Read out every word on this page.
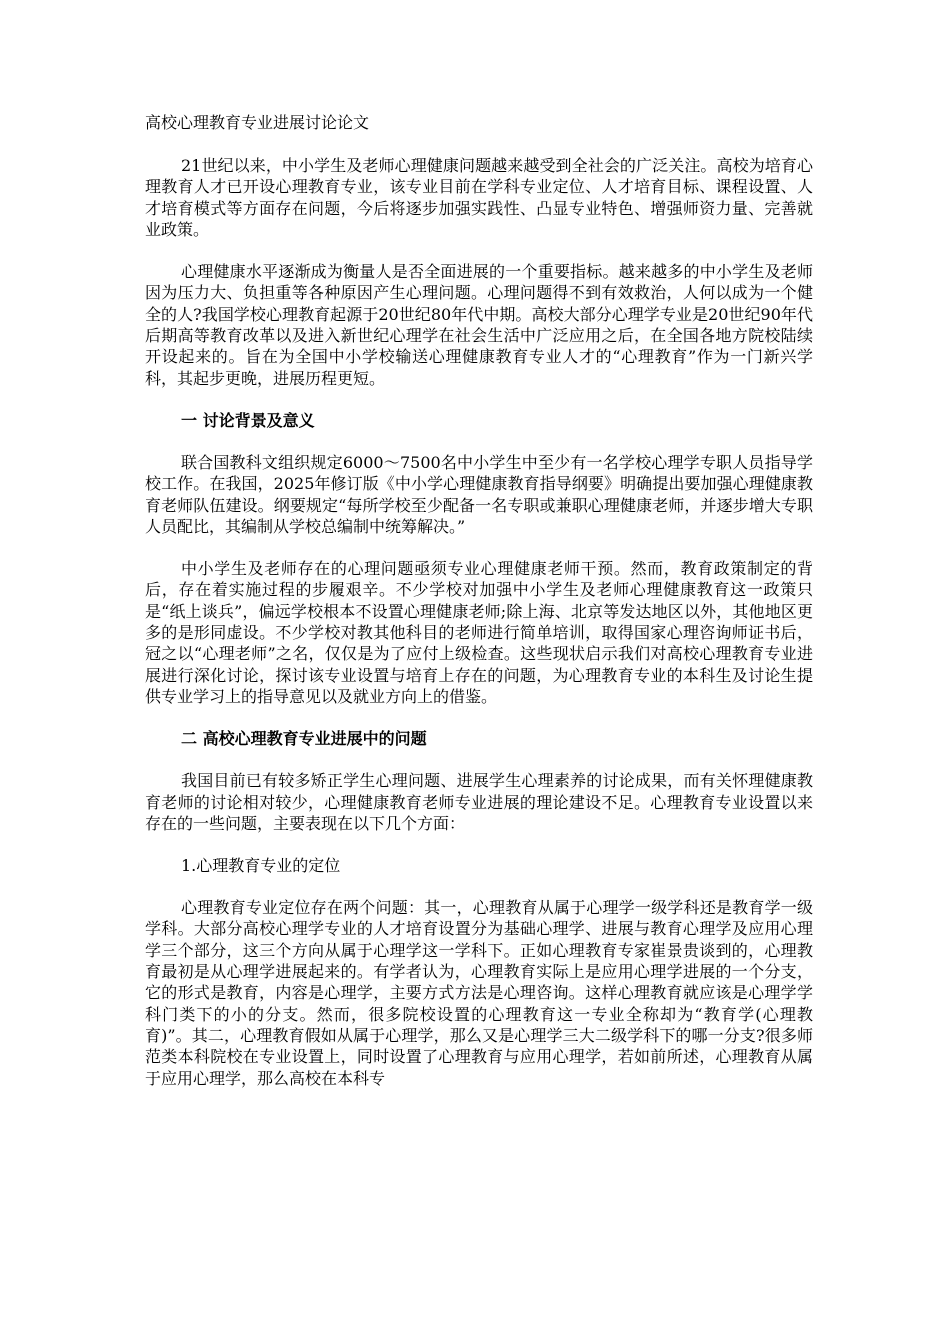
高校心理教育专业进展讨论论文

21世纪以来，中小学生及老师心理健康问题越来越受到全社会的广泛关注。高校为培育心理教育人才已开设心理教育专业，该专业目前在学科专业定位、人才培育目标、课程设置、人才培育模式等方面存在问题，今后将逐步加强实践性、凸显专业特色、增强师资力量、完善就业政策。

心理健康水平逐渐成为衡量人是否全面进展的一个重要指标。越来越多的中小学生及老师因为压力大、负担重等各种原因产生心理问题。心理问题得不到有效救治，人何以成为一个健全的人?我国学校心理教育起源于20世纪80年代中期。高校大部分心理学专业是20世纪90年代后期高等教育改革以及进入新世纪心理学在社会生活中广泛应用之后，在全国各地方院校陆续开设起来的。旨在为全国中小学校输送心理健康教育专业人才的“心理教育”作为一门新兴学科，其起步更晚，进展历程更短。

一 讨论背景及意义

联合国教科文组织规定6000～7500名中小学生中至少有一名学校心理学专职人员指导学校工作。在我国，2025年修订版《中小学心理健康教育指导纲要》明确提出要加强心理健康教育老师队伍建设。纲要规定“每所学校至少配备一名专职或兼职心理健康老师，并逐步增大专职人员配比，其编制从学校总编制中统筹解决。”

中小学生及老师存在的心理问题亟须专业心理健康老师干预。然而，教育政策制定的背后，存在着实施过程的步履艰辛。不少学校对加强中小学生及老师心理健康教育这一政策只是“纸上谈兵”，偏远学校根本不设置心理健康老师;除上海、北京等发达地区以外，其他地区更多的是形同虚设。不少学校对教其他科目的老师进行简单培训，取得国家心理咨询师证书后，冠之以“心理老师”之名，仅仅是为了应付上级检查。这些现状启示我们对高校心理教育专业进展进行深化讨论，探讨该专业设置与培育上存在的问题，为心理教育专业的本科生及讨论生提供专业学习上的指导意见以及就业方向上的借鉴。

二 高校心理教育专业进展中的问题

我国目前已有较多矫正学生心理问题、进展学生心理素养的讨论成果，而有关怀理健康教育老师的讨论相对较少，心理健康教育老师专业进展的理论建设不足。心理教育专业设置以来存在的一些问题，主要表现在以下几个方面：

1.心理教育专业的定位

心理教育专业定位存在两个问题：其一，心理教育从属于心理学一级学科还是教育学一级学科。大部分高校心理学专业的人才培育设置分为基础心理学、进展与教育心理学及应用心理学三个部分，这三个方向从属于心理学这一学科下。正如心理教育专家崔景贵谈到的，心理教育最初是从心理学进展起来的。有学者认为，心理教育实际上是应用心理学进展的一个分支，它的形式是教育，内容是心理学，主要方式方法是心理咨询。这样心理教育就应该是心理学学科门类下的小的分支。然而，很多院校设置的心理教育这一专业全称却为“教育学(心理教育)”。其二，心理教育假如从属于心理学，那么又是心理学三大二级学科下的哪一分支?很多师范类本科院校在专业设置上，同时设置了心理教育与应用心理学，若如前所述，心理教育从属于应用心理学，那么高校在本科专
